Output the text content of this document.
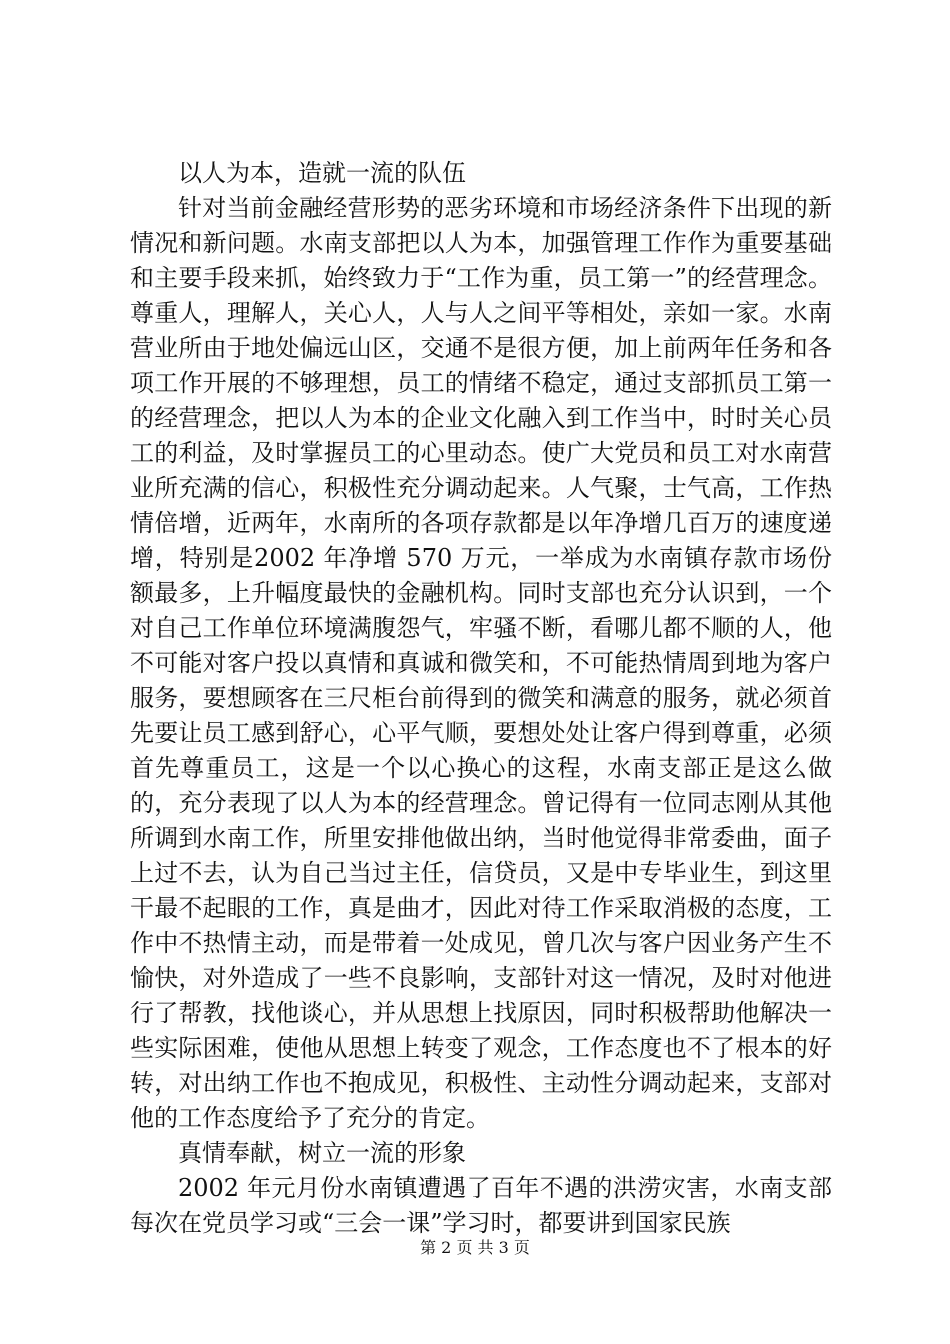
以人为本，造就一流的队伍

针对当前金融经营形势的恶劣环境和市场经济条件下出现的新情况和新问题。水南支部把以人为本，加强管理工作作为重要基础和主要手段来抓，始终致力于“工作为重，员工第一”的经营理念。尊重人，理解人，关心人，人与人之间平等相处，亲如一家。水南营业所由于地处偏远山区，交通不是很方便，加上前两年任务和各项工作开展的不够理想，员工的情绪不稳定，通过支部抓员工第一的经营理念，把以人为本的企业文化融入到工作当中，时时关心员工的利益，及时掌握员工的心里动态。使广大党员和员工对水南营业所充满的信心，积极性充分调动起来。人气聚，士气高，工作热情倍增，近两年，水南所的各项存款都是以年净增几百万的速度递增，特别是2002 年净增 570 万元，一举成为水南镇存款市场份额最多，上升幅度最快的金融机构。同时支部也充分认识到，一个对自己工作单位环境满腹怨气，牢骚不断，看哪儿都不顺的人，他不可能对客户投以真情和真诚和微笑和，不可能热情周到地为客户服务，要想顾客在三尺柜台前得到的微笑和满意的服务，就必须首先要让员工感到舒心，心平气顺，要想处处让客户得到尊重，必须首先尊重员工，这是一个以心换心的这程，水南支部正是这么做的，充分表现了以人为本的经营理念。曾记得有一位同志刚从其他所调到水南工作，所里安排他做出纳，当时他觉得非常委曲，面子上过不去，认为自己当过主任，信贷员，又是中专毕业生，到这里干最不起眼的工作，真是曲才，因此对待工作采取消极的态度，工作中不热情主动，而是带着一处成见，曾几次与客户因业务产生不愉快，对外造成了一些不良影响，支部针对这一情况，及时对他进行了帮教，找他谈心，并从思想上找原因，同时积极帮助他解决一些实际困难，使他从思想上转变了观念，工作态度也不了根本的好转，对出纳工作也不抱成见，积极性、主动性分调动起来，支部对他的工作态度给予了充分的肯定。

真情奉献，树立一流的形象

2002 年元月份水南镇遭遇了百年不遇的洪涝灾害，水南支部每次在党员学习或“三会一课”学习时，都要讲到国家民族

第 2 页 共 3 页
